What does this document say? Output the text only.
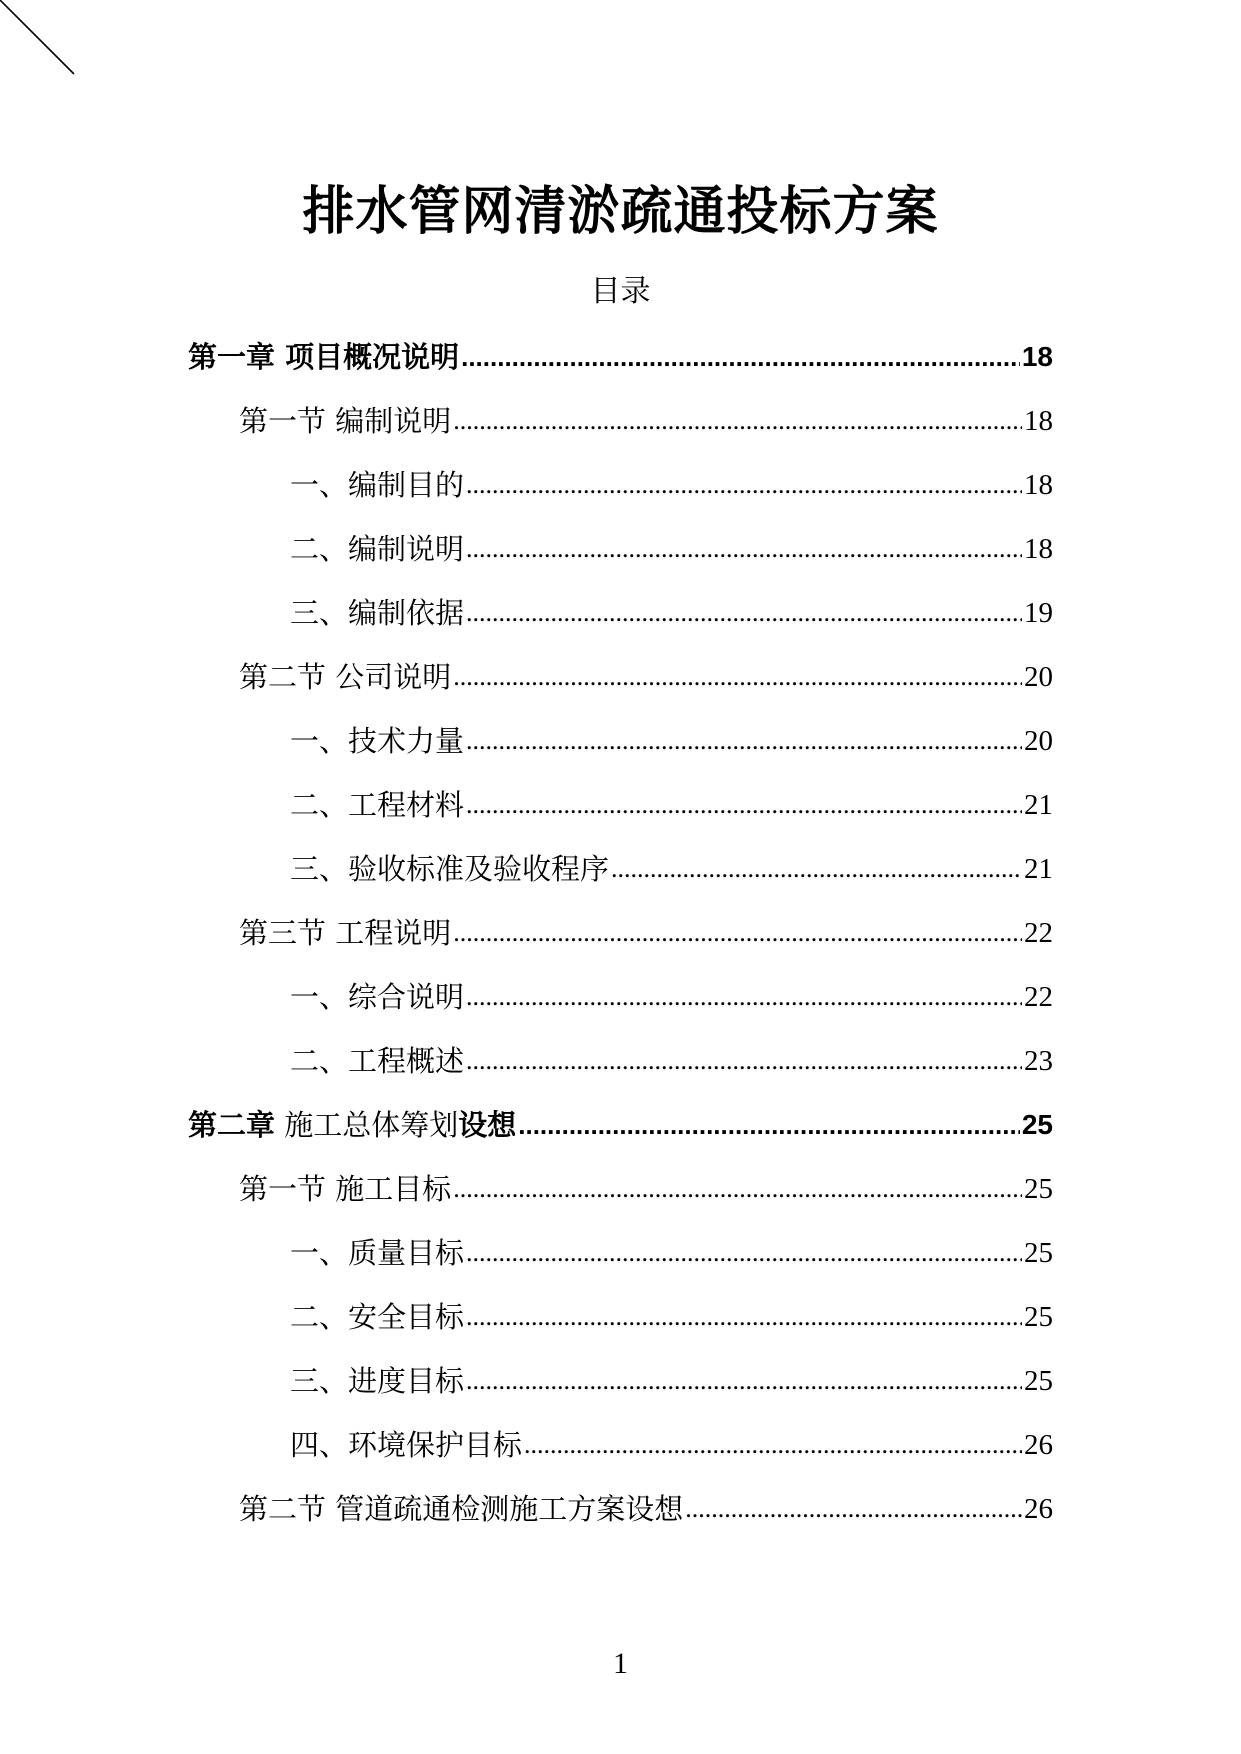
排水管网清淤疏通投标方案
目录
第一章 项目概况说明 .....	18
第一节 编制说明 .....	18
一、编制目的 .....	18
二、编制说明 .....	18
三、编制依据 .....	19
第二节 公司说明 .....	20
一、技术力量 .....	20
二、工程材料 .....	21
三、验收标准及验收程序 .....	21
第三节 工程说明 .....	22
一、综合说明 .....	22
二、工程概述 .....	23
第二章 施工总体筹划设想 .....	25
第一节 施工目标 .....	25
一、质量目标 .....	25
二、安全目标 .....	25
三、进度目标 .....	25
四、环境保护目标 .....	26
第二节 管道疏通检测施工方案设想 .....	26
1
